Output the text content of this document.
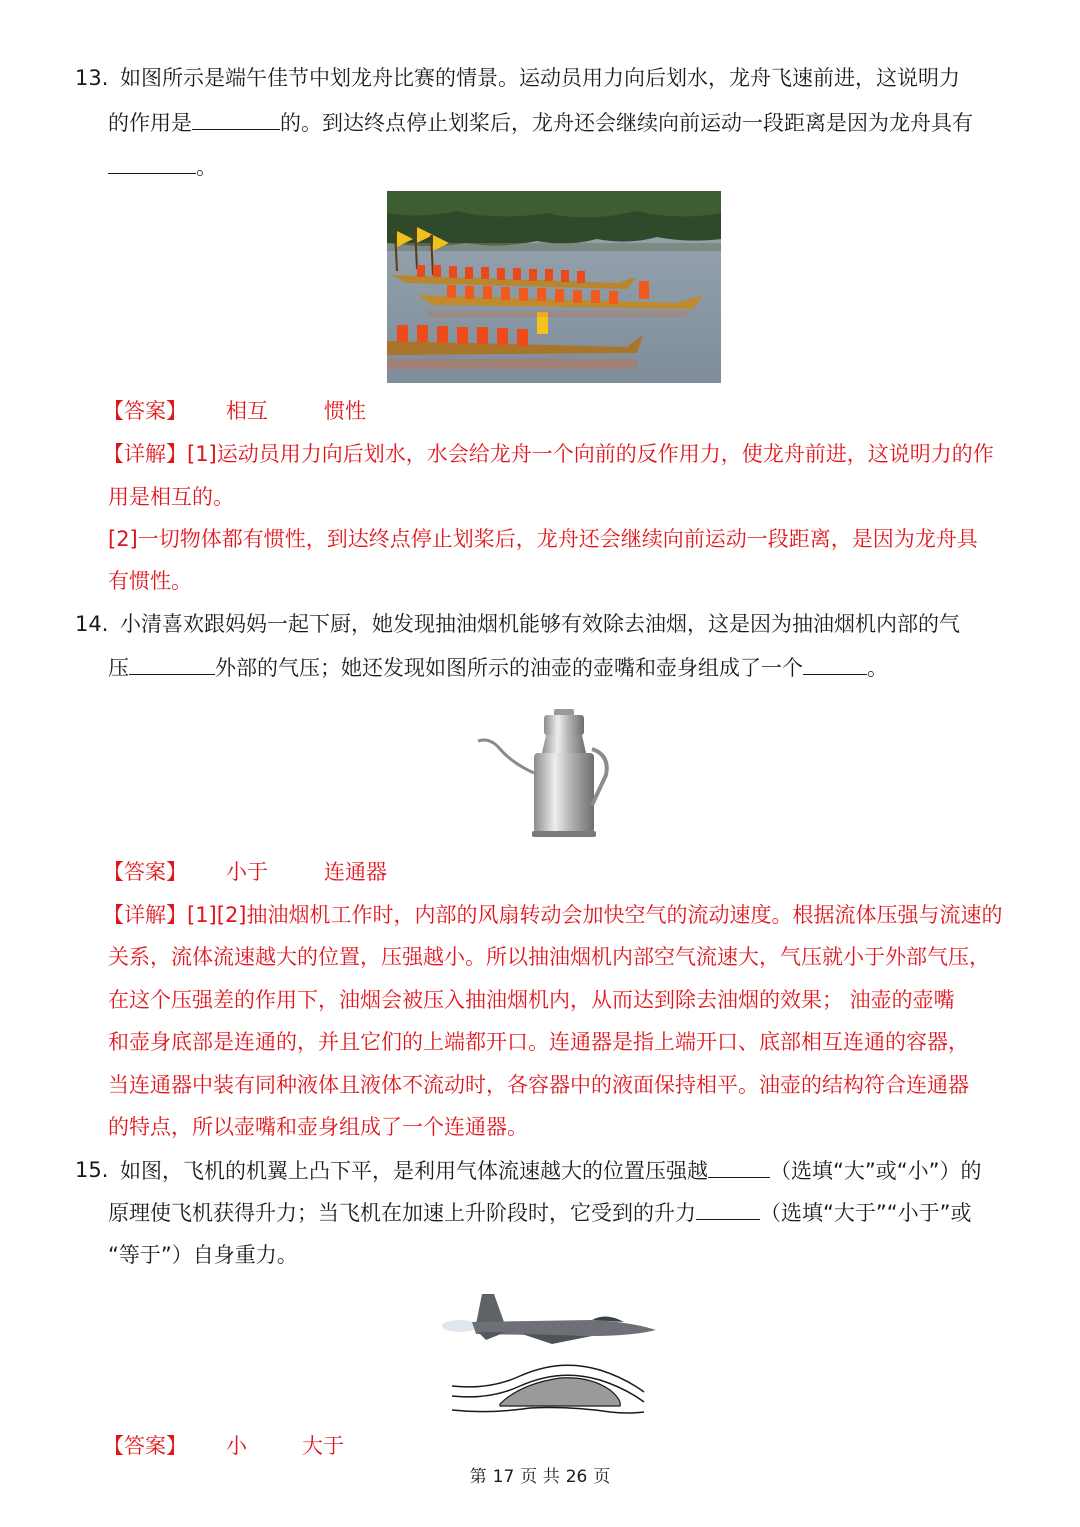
13. 如图所示是端午佳节中划龙舟比赛的情景。运动员用力向后划水，龙舟飞速前进，这说明力
的作用是	的。到达终点停止划桨后，龙舟还会继续向前运动一段距离是因为龙舟具有
。
【答案】 相互	惯性
【详解】[1]运动员用力向后划水，水会给龙舟一个向前的反作用力，使龙舟前进，这说明力的作
用是相互的。
[2]一切物体都有惯性，到达终点停止划桨后，龙舟还会继续向前运动一段距离，是因为龙舟具
有惯性。
14. 小清喜欢跟妈妈一起下厨，她发现抽油烟机能够有效除去油烟，这是因为抽油烟机内部的气
压	外部的气压；她还发现如图所示的油壶的壶嘴和壶身组成了一个	。
【答案】 小于	连通器
【详解】[1][2]抽油烟机工作时，内部的风扇转动会加快空气的流动速度。根据流体压强与流速的
关系，流体流速越大的位置，压强越小。所以抽油烟机内部空气流速大，气压就小于外部气压，
在这个压强差的作用下，油烟会被压入抽油烟机内，从而达到除去油烟的效果； 油壶的壶嘴
和壶身底部是连通的，并且它们的上端都开口。连通器是指上端开口、底部相互连通的容器，
当连通器中装有同种液体且液体不流动时，各容器中的液面保持相平。油壶的结构符合连通器
的特点，所以壶嘴和壶身组成了一个连通器。
15. 如图，飞机的机翼上凸下平，是利用气体流速越大的位置压强越	（选填“大”或“小”）的
原理使飞机获得升力；当飞机在加速上升阶段时，它受到的升力	（选填“大于”“小于”或
“等于”）自身重力。
【答案】 小	大于
第 17 页 共 26 页
